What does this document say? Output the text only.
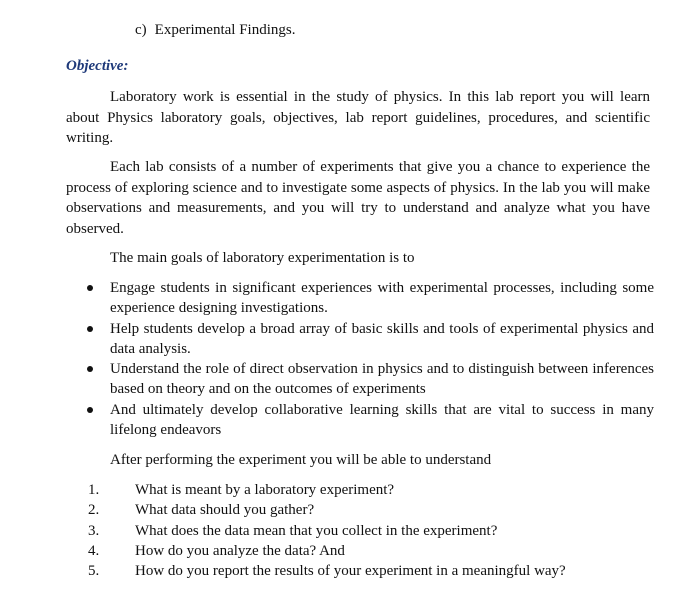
c) Experimental Findings.
Objective:

Laboratory work is essential in the study of physics. In this lab report you will learn about Physics laboratory goals, objectives, lab report guidelines, procedures, and scientific writing.

Each lab consists of a number of experiments that give you a chance to experience the process of exploring science and to investigate some aspects of physics. In the lab you will make observations and measurements, and you will try to understand and analyze what you have observed.

The main goals of laboratory experimentation is to
Engage students in significant experiences with experimental processes, including some experience designing investigations.
Help students develop a broad array of basic skills and tools of experimental physics and data analysis.
Understand the role of direct observation in physics and to distinguish between inferences based on theory and on the outcomes of experiments
And ultimately develop collaborative learning skills that are vital to success in many lifelong endeavors
After performing the experiment you will be able to understand
1. What is meant by a laboratory experiment?
2. What data should you gather?
3. What does the data mean that you collect in the experiment?
4. How do you analyze the data? And
5. How do you report the results of your experiment in a meaningful way?
